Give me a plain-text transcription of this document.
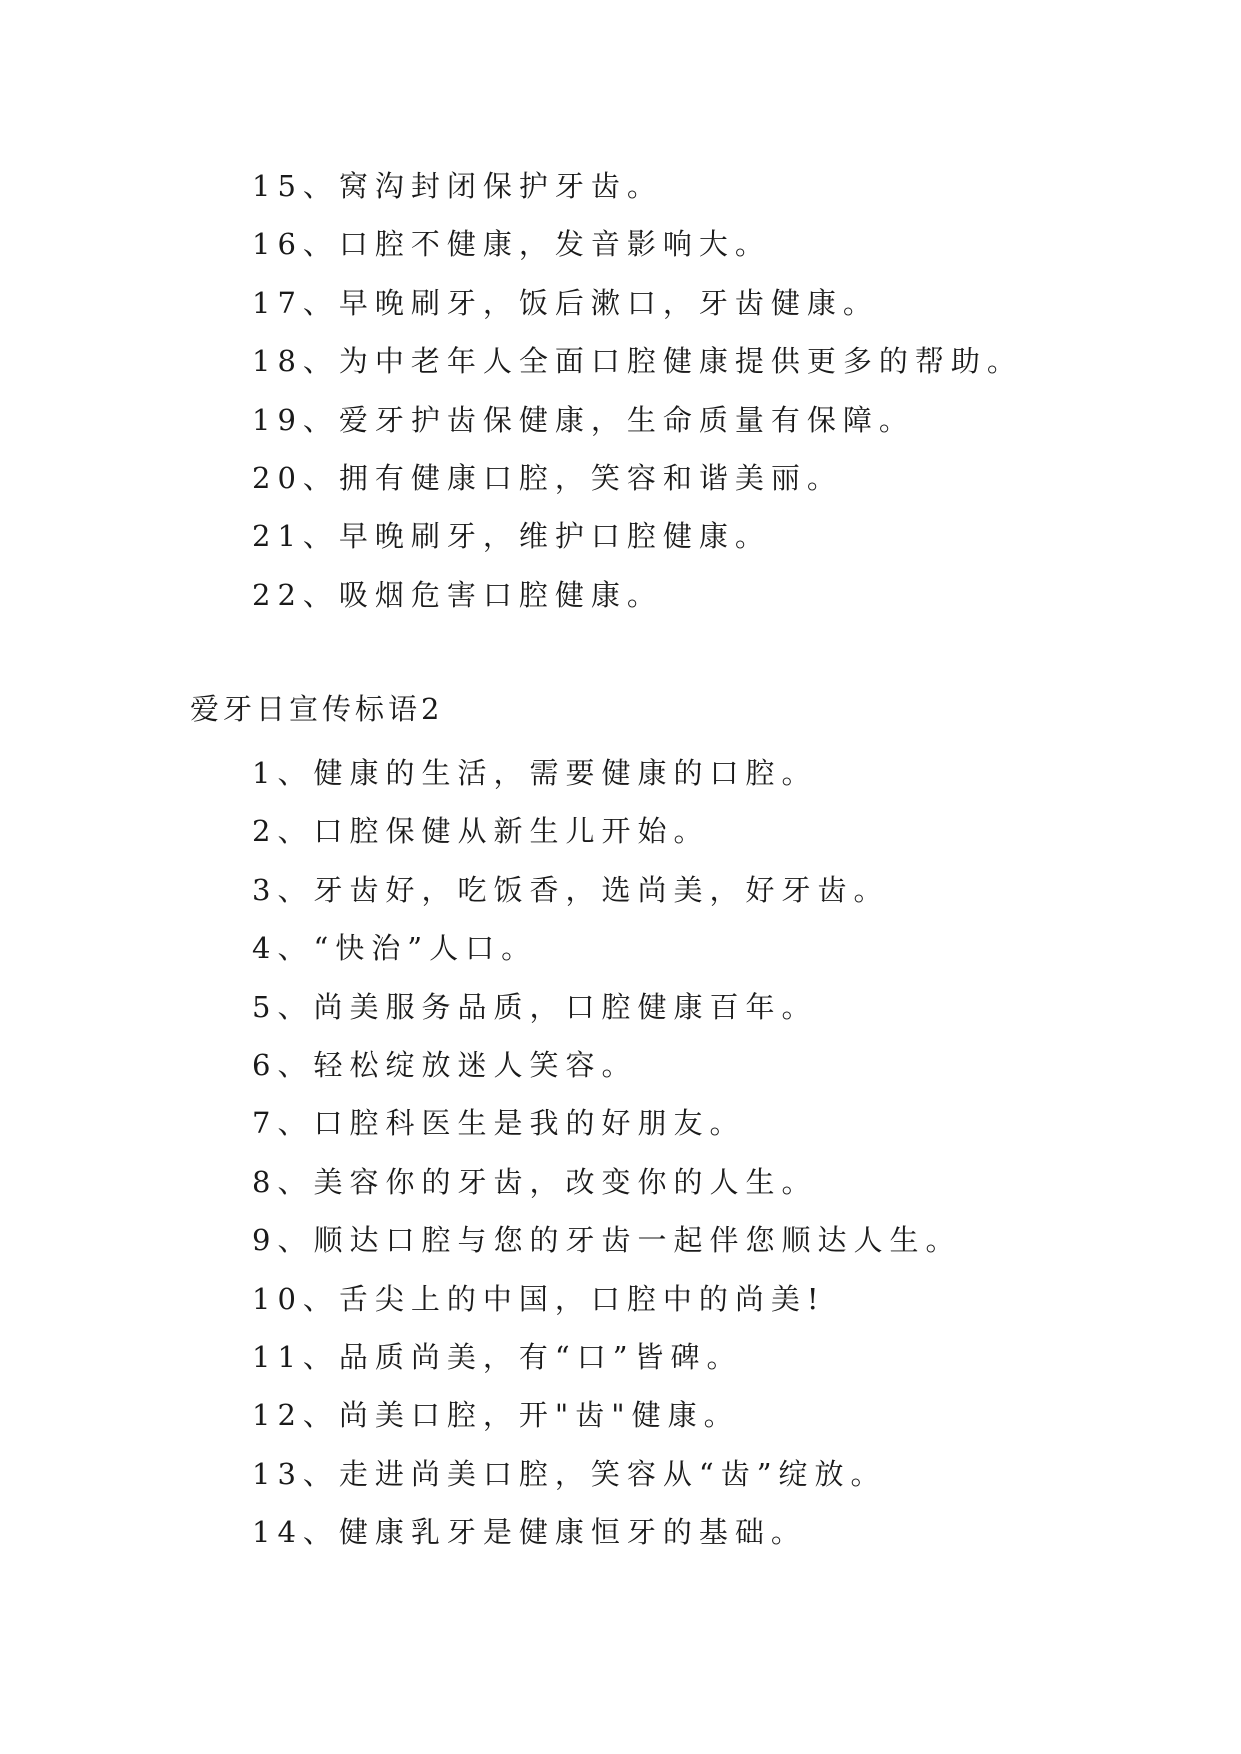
15、窝沟封闭保护牙齿。
16、口腔不健康，发音影响大。
17、早晚刷牙，饭后漱口，牙齿健康。
18、为中老年人全面口腔健康提供更多的帮助。
19、爱牙护齿保健康，生命质量有保障。
20、拥有健康口腔，笑容和谐美丽。
21、早晚刷牙，维护口腔健康。
22、吸烟危害口腔健康。
爱牙日宣传标语2
1、健康的生活，需要健康的口腔。
2、口腔保健从新生儿开始。
3、牙齿好，吃饭香，选尚美，好牙齿。
4、“快治”人口。
5、尚美服务品质，口腔健康百年。
6、轻松绽放迷人笑容。
7、口腔科医生是我的好朋友。
8、美容你的牙齿，改变你的人生。
9、顺达口腔与您的牙齿一起伴您顺达人生。
10、舌尖上的中国，口腔中的尚美!
11、品质尚美，有“口”皆碑。
12、尚美口腔，开"齿"健康。
13、走进尚美口腔，笑容从“齿”绽放。
14、健康乳牙是健康恒牙的基础。
